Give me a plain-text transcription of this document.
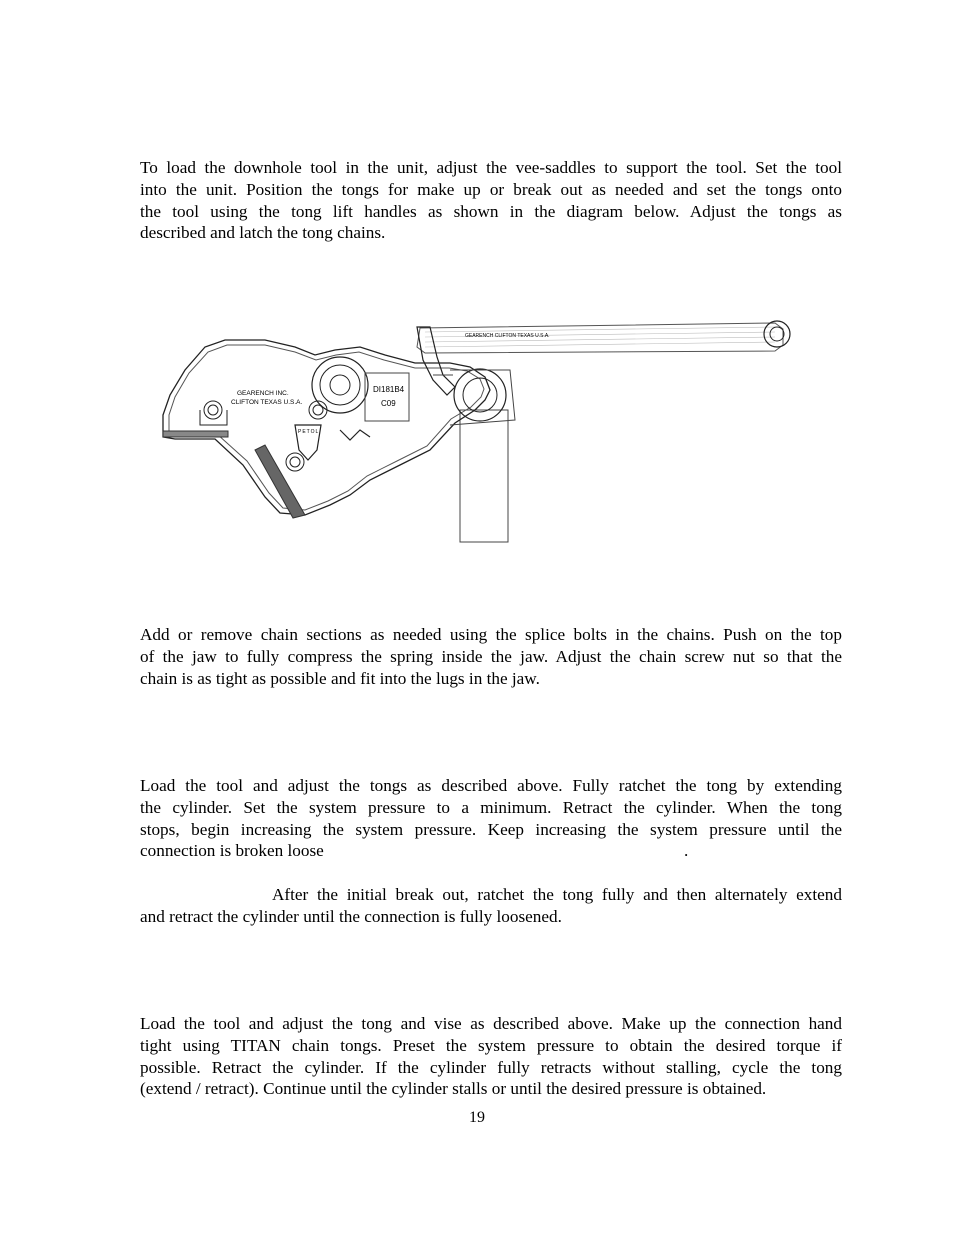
To load the downhole tool in the unit, adjust the vee-saddles to support the tool. Set the tool
into the unit. Position the tongs for make up or break out as needed and set the tongs onto
the tool using the tong lift handles as shown in the diagram below. Adjust the tongs as
described and latch the tong chains.
GEARENCH INC.
CLIFTON TEXAS U.S.A.
DI181B4
C09
GEARENCH CLIFTON TEXAS U.S.A.
PETOL
Add or remove chain sections as needed using the splice bolts in the chains. Push on the top
of the jaw to fully compress the spring inside the jaw. Adjust the chain screw nut so that the
chain is as tight as possible and fit into the lugs in the jaw.
Load the tool and adjust the tongs as described above. Fully ratchet the tong by extending
the cylinder. Set the system pressure to a minimum. Retract the cylinder. When the tong
stops, begin increasing the system pressure. Keep increasing the system pressure until the
connection is broken loose	.
After the initial break out, ratchet the tong fully and then alternately extend
and retract the cylinder until the connection is fully loosened.
Load the tool and adjust the tong and vise as described above. Make up the connection hand
tight using TITAN chain tongs. Preset the system pressure to obtain the desired torque if
possible. Retract the cylinder. If the cylinder fully retracts without stalling, cycle the tong
(extend / retract). Continue until the cylinder stalls or until the desired pressure is obtained.
19
